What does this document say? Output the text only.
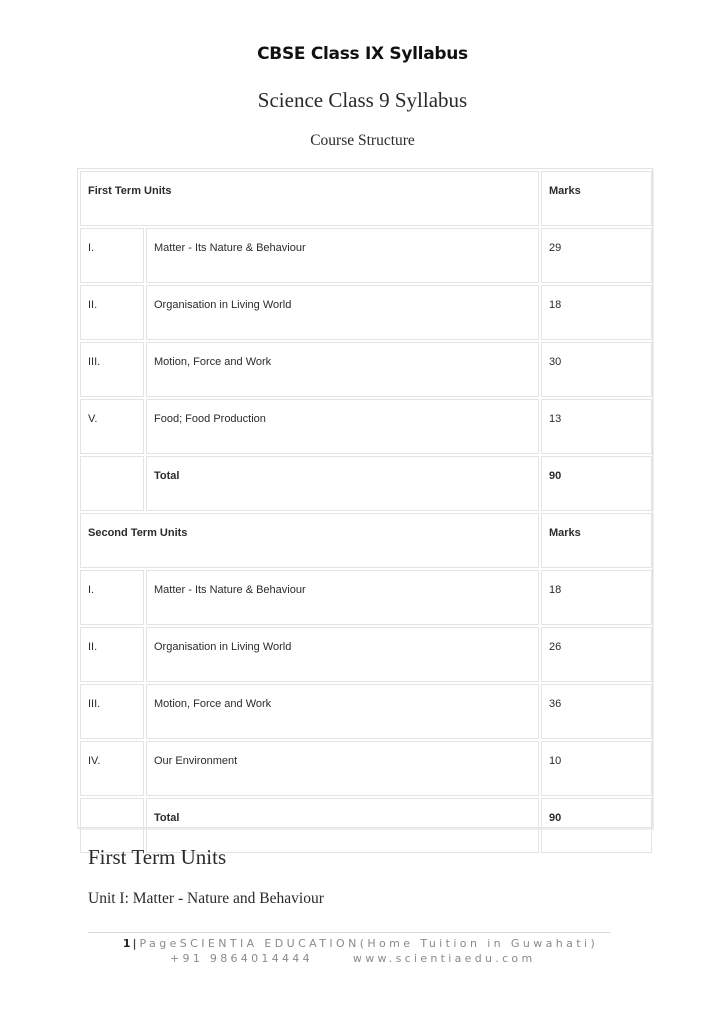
CBSE Class IX Syllabus
Science Class 9 Syllabus
Course Structure
First Term Units		Marks
I.	Matter - Its Nature & Behaviour	29
II.	Organisation in Living World	18
III.	Motion, Force and Work	30
V.	Food; Food Production	13
	Total	90
Second Term Units		Marks
I.	Matter - Its Nature & Behaviour	18
II.	Organisation in Living World	26
III.	Motion, Force and Work	36
IV.	Our Environment	10
	Total	90
First Term Units
Unit I: Matter - Nature and Behaviour
1 | PageSCIENTIA EDUCATION(Home Tuition in Guwahati)
+91 9864014444	www.scientiaedu.com
